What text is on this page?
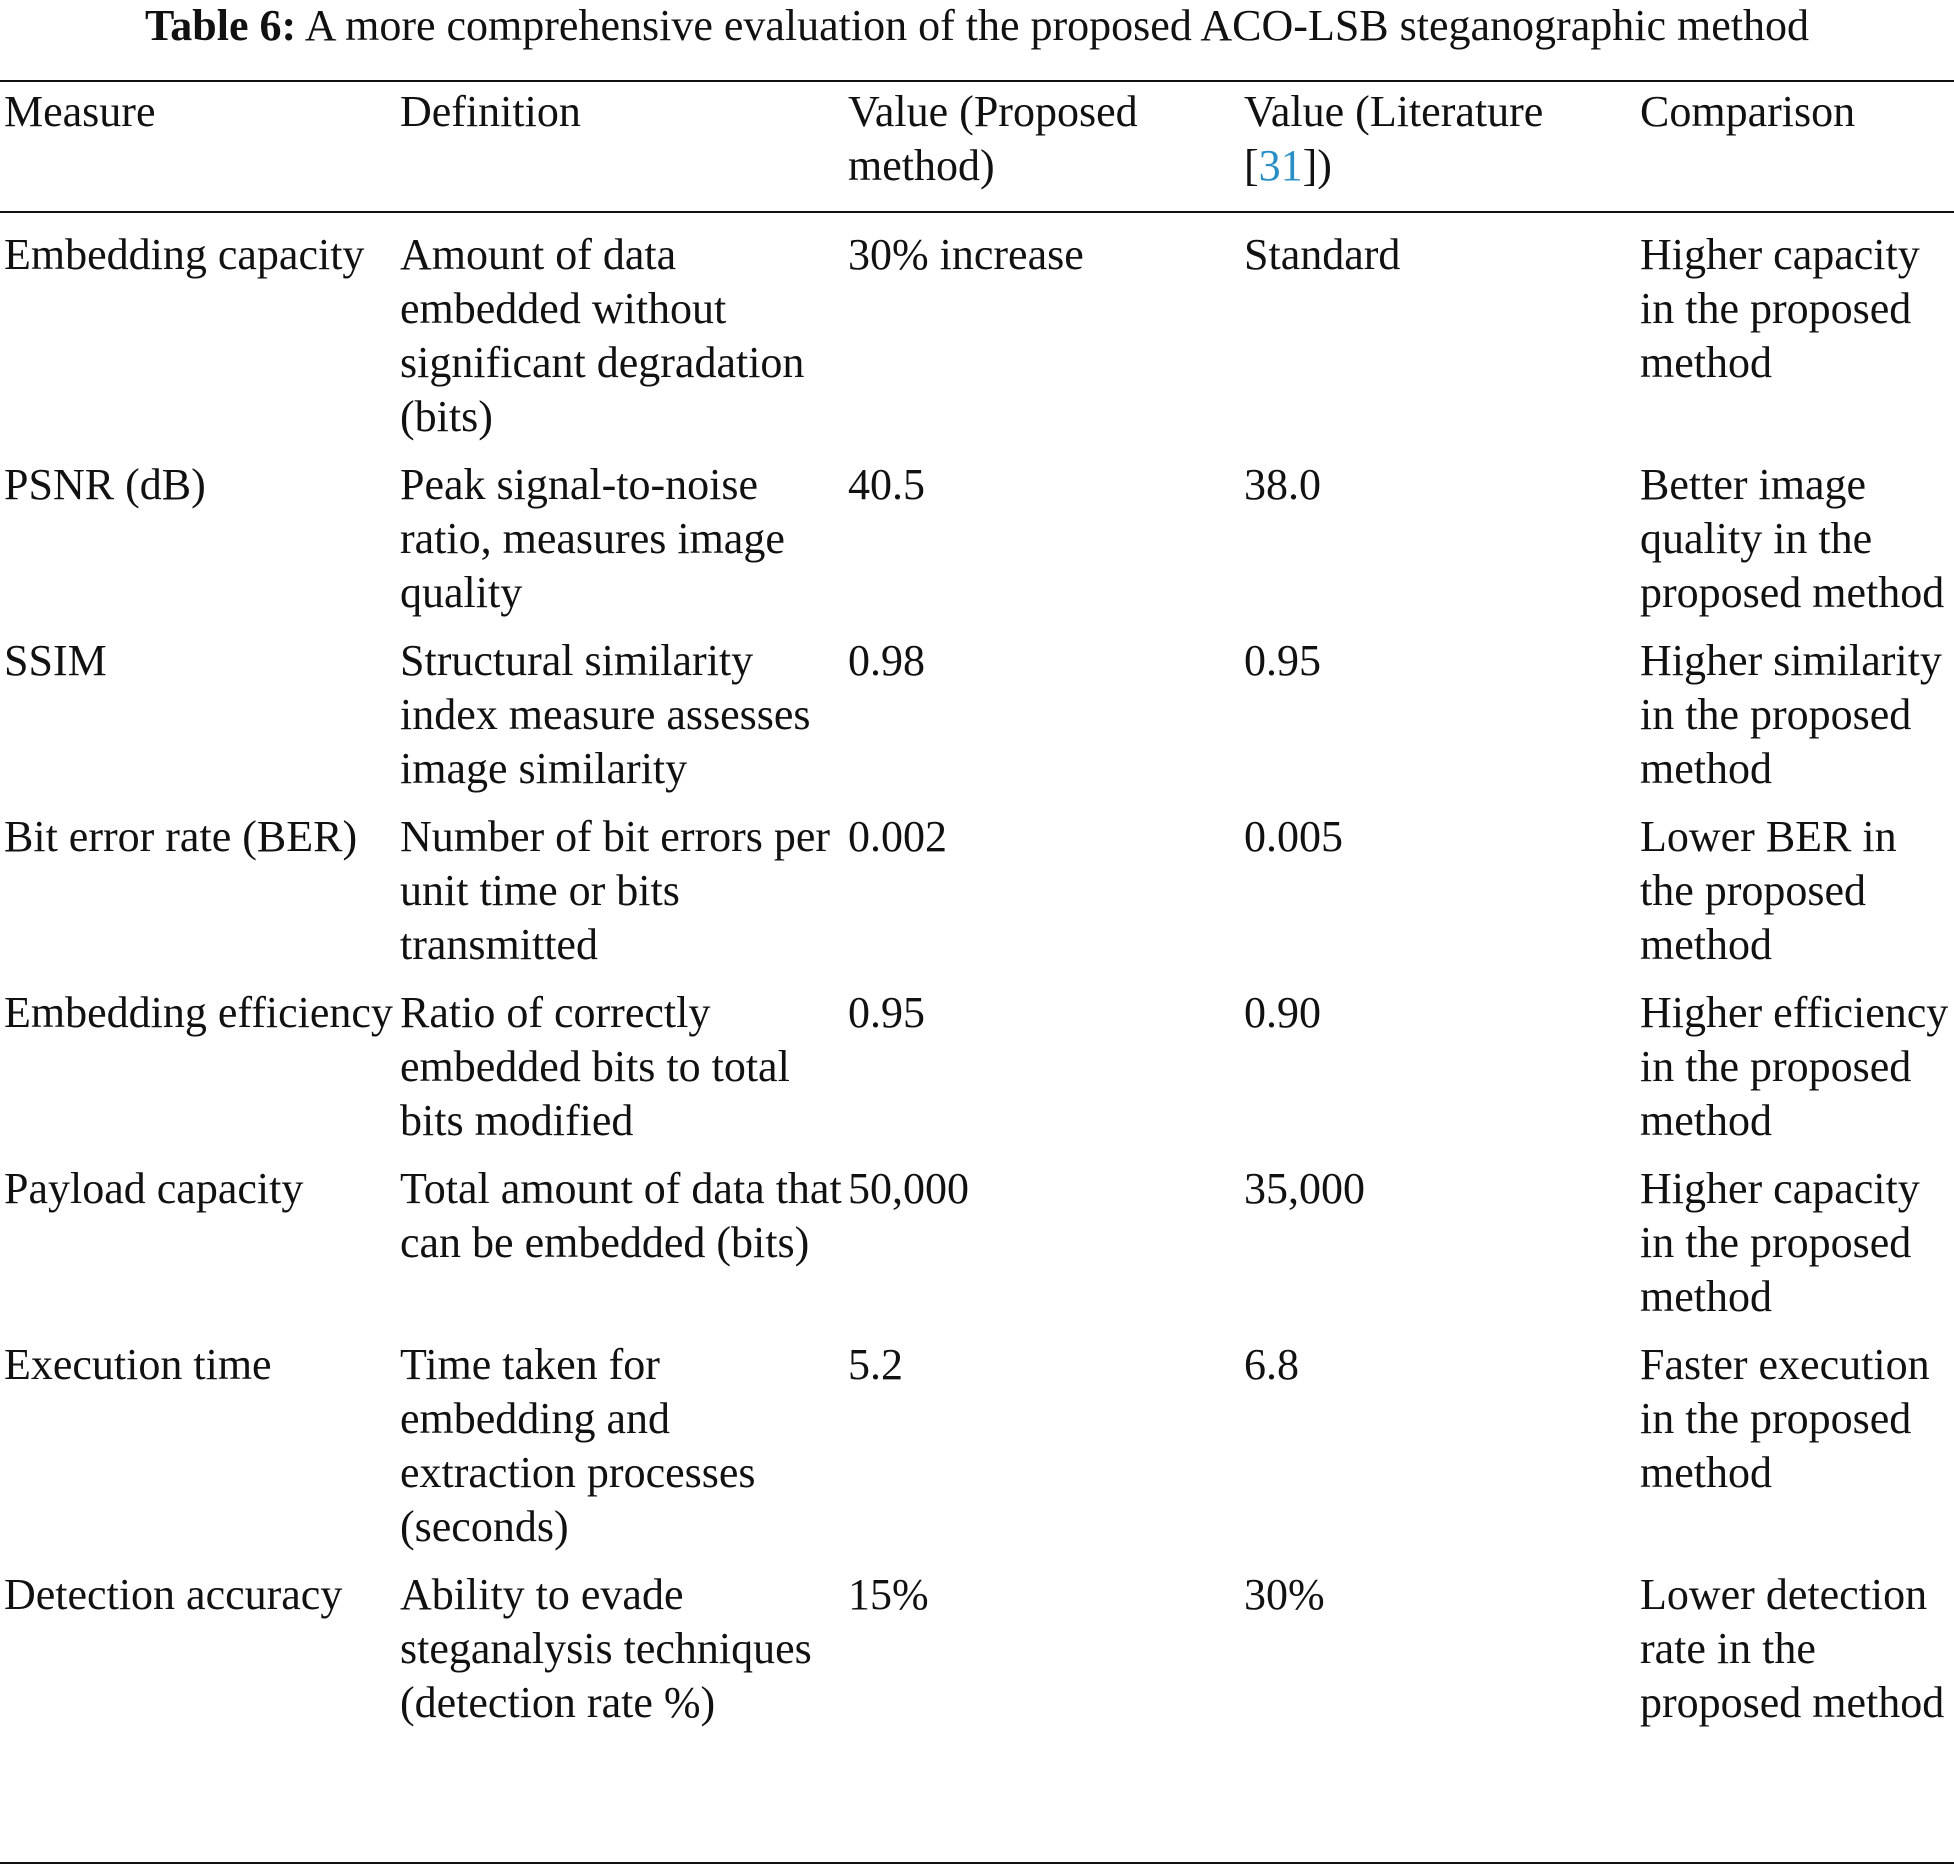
Table 6: A more comprehensive evaluation of the proposed ACO-LSB steganographic method
Measure	Definition	Value (Proposed method)	Value (Literature [31])	Comparison
Embedding capacity	Amount of data embedded without significant degradation (bits)	30% increase	Standard	Higher capacity in the proposed method
PSNR (dB)	Peak signal-to-noise ratio, measures image quality	40.5	38.0	Better image quality in the proposed method
SSIM	Structural similarity index measure assesses image similarity	0.98	0.95	Higher similarity in the proposed method
Bit error rate (BER)	Number of bit errors per unit time or bits transmitted	0.002	0.005	Lower BER in the proposed method
Embedding efficiency	Ratio of correctly embedded bits to total bits modified	0.95	0.90	Higher efficiency in the proposed method
Payload capacity	Total amount of data that can be embedded (bits)	50,000	35,000	Higher capacity in the proposed method
Execution time	Time taken for embedding and extraction processes (seconds)	5.2	6.8	Faster execution in the proposed method
Detection accuracy	Ability to evade steganalysis techniques (detection rate %)	15%	30%	Lower detection rate in the proposed method
